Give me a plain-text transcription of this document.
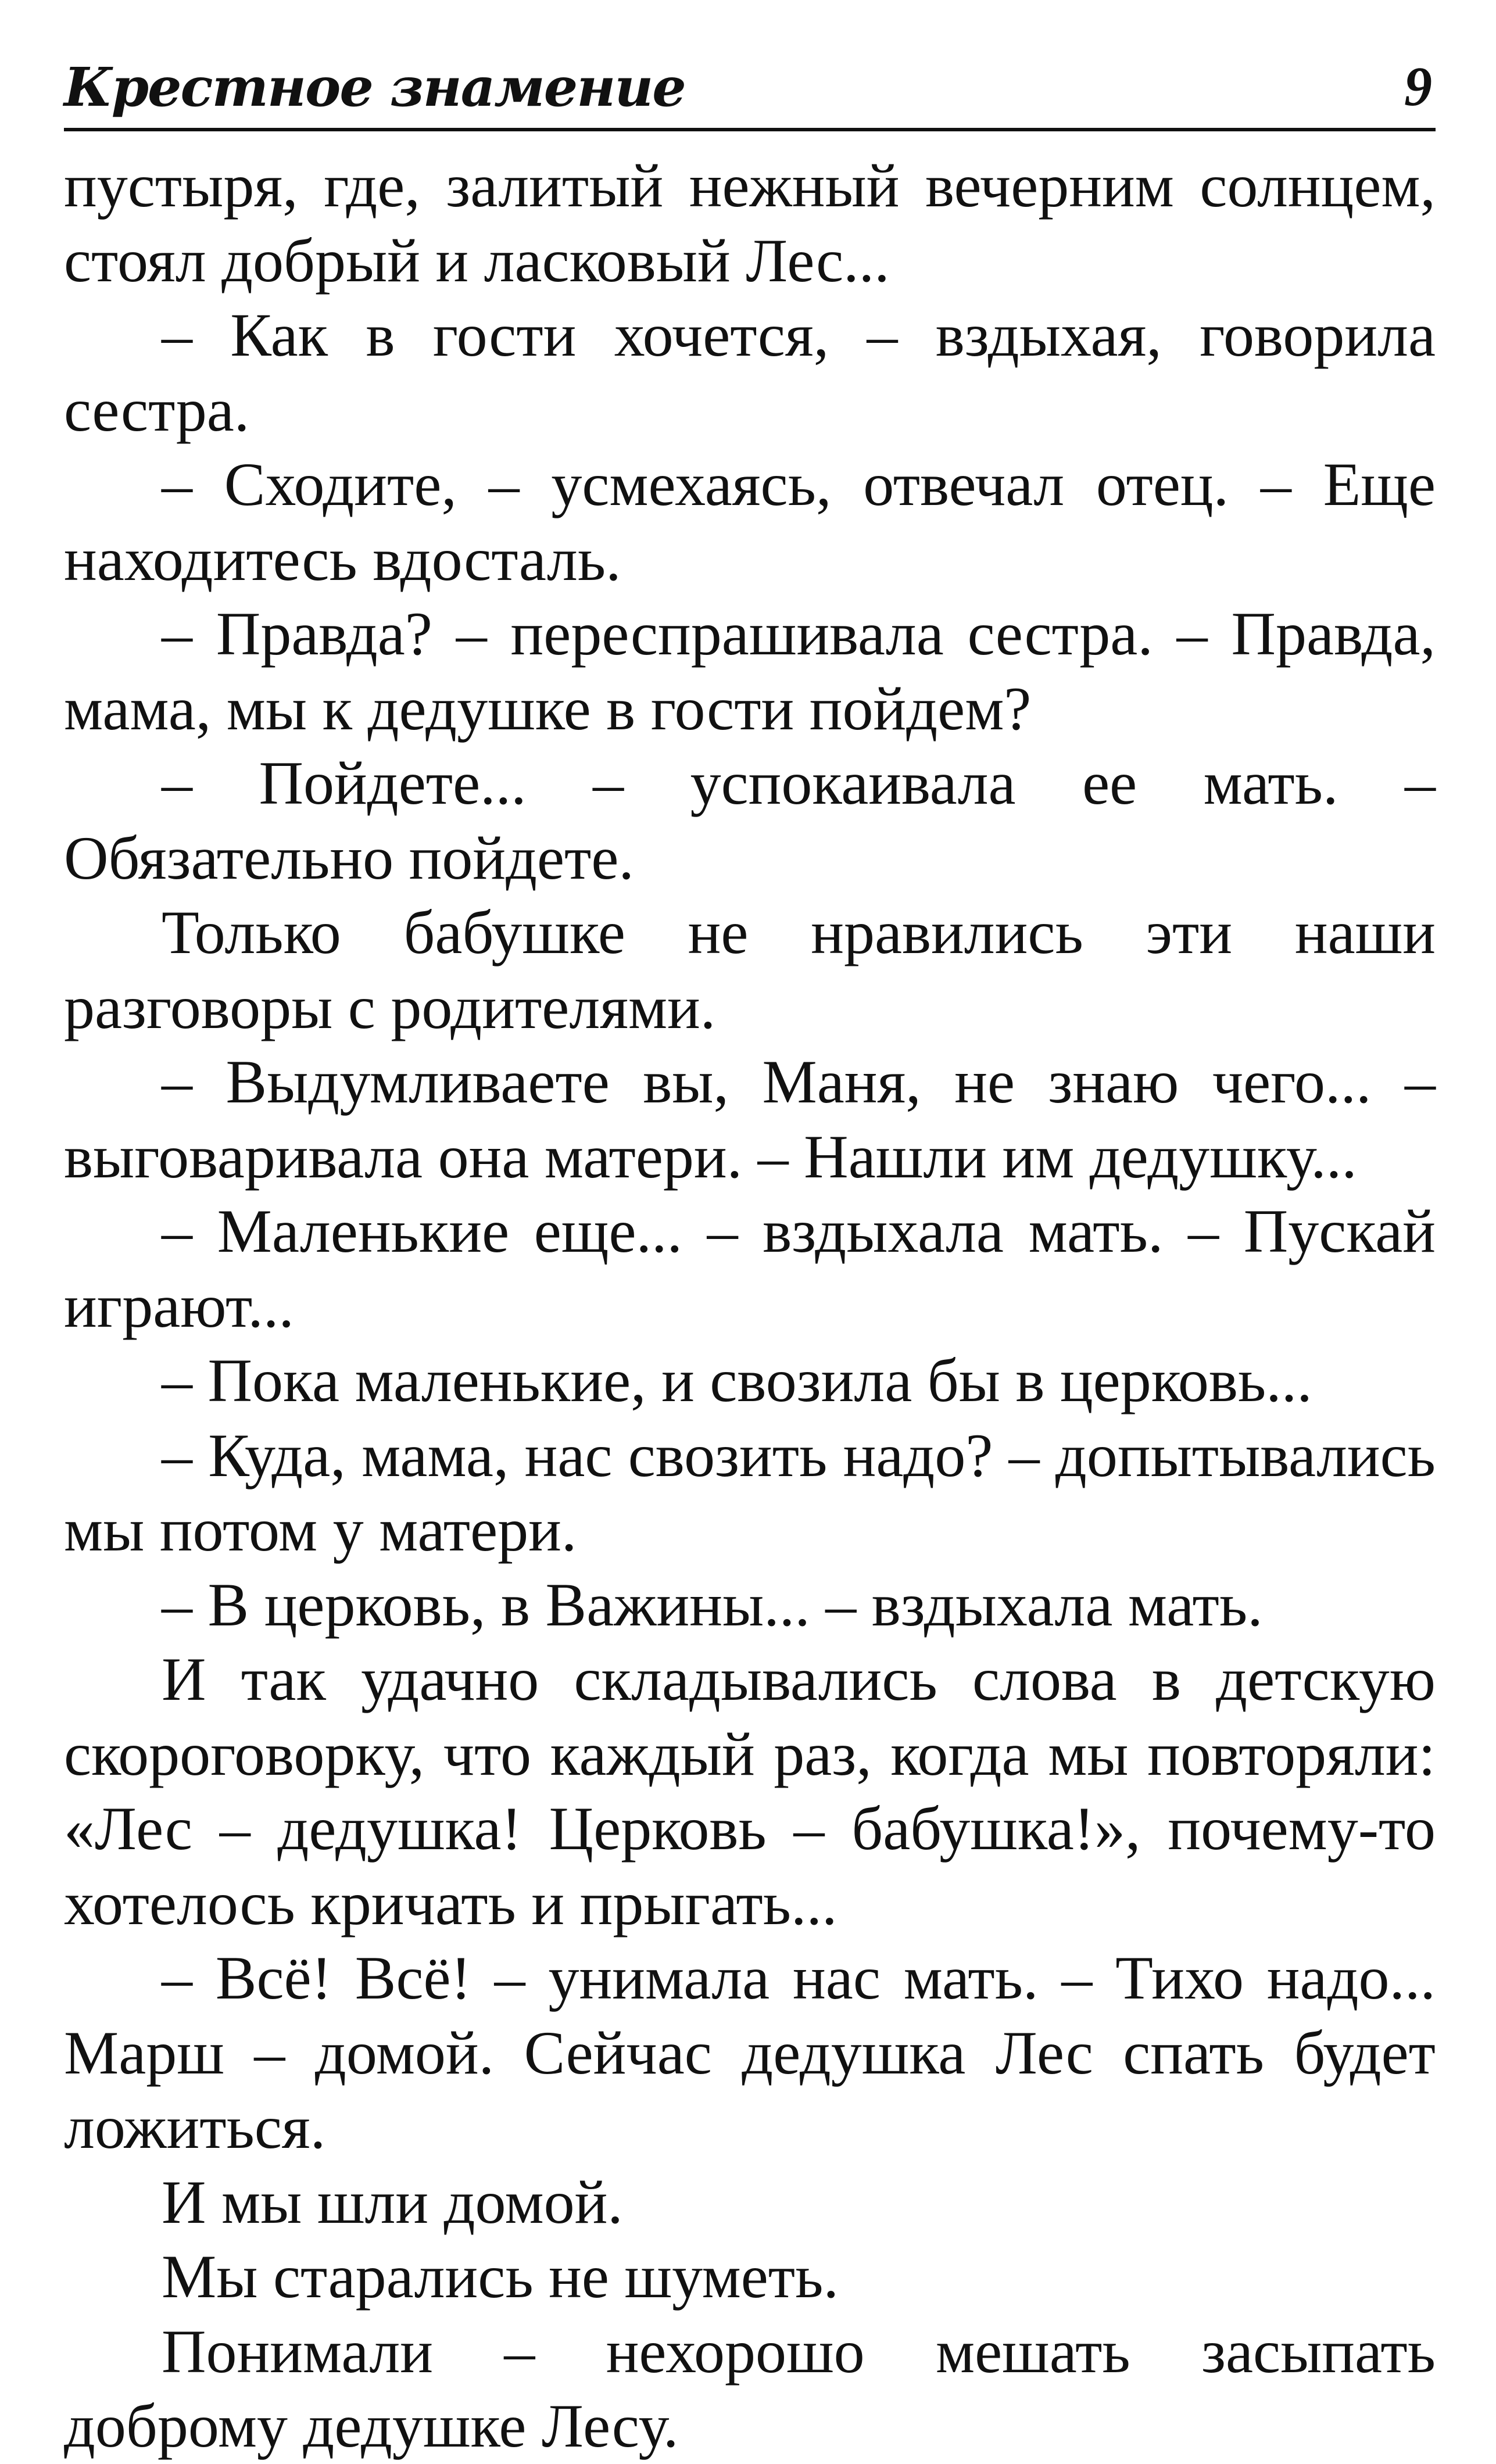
Крестное знамение	9

пустыря, где, залитый нежный вечерним солнцем, стоял добрый и ласковый Лес...

– Как в гости хочется, – вздыхая, говорила сестра.

– Сходите, – усмехаясь, отвечал отец. – Еще находитесь вдосталь.

– Правда? – переспрашивала сестра. – Правда, мама, мы к дедушке в гости пойдем?

– Пойдете... – успокаивала ее мать. – Обязательно пойдете.

Только бабушке не нравились эти наши разговоры с родителями.

– Выдумливаете вы, Маня, не знаю чего... – выговаривала она матери. – Нашли им дедушку...

– Маленькие еще... – вздыхала мать. – Пускай играют...

– Пока маленькие, и свозила бы в церковь...

– Куда, мама, нас свозить надо? – допытывались мы потом у матери.

– В церковь, в Важины... – вздыхала мать.

И так удачно складывались слова в детскую скороговорку, что каждый раз, когда мы повторяли: «Лес – дедушка! Церковь – бабушка!», почему-то хотелось кричать и прыгать...

– Всё! Всё! – унимала нас мать. – Тихо надо... Марш – домой. Сейчас дедушка Лес спать будет ложиться.

И мы шли домой.

Мы старались не шуметь.

Понимали – нехорошо мешать засыпать доброму дедушке Лесу.
